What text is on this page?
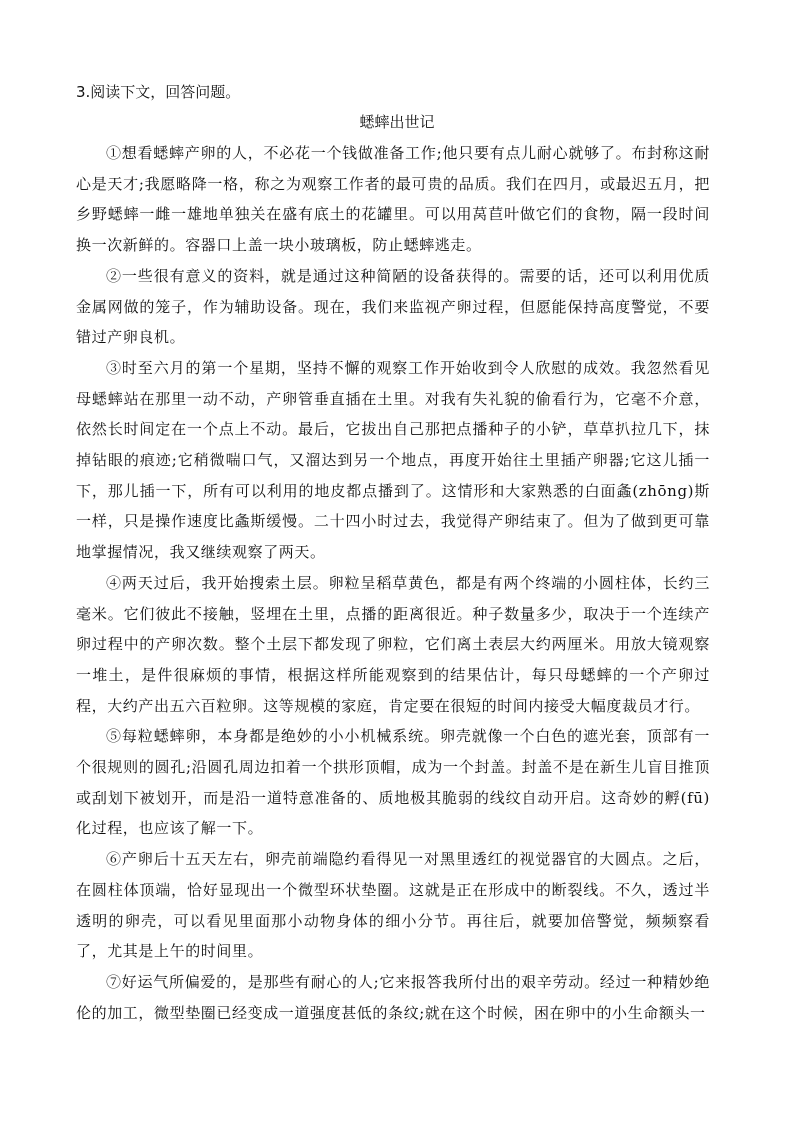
3.阅读下文，回答问题。
蟋蟀出世记

①想看蟋蟀产卵的人，不必花一个钱做准备工作;他只要有点儿耐心就够了。布封称这耐心是天才;我愿略降一格，称之为观察工作者的最可贵的品质。我们在四月，或最迟五月，把乡野蟋蟀一雌一雄地单独关在盛有底土的花罐里。可以用莴苣叶做它们的食物，隔一段时间换一次新鲜的。容器口上盖一块小玻璃板，防止蟋蟀逃走。

②一些很有意义的资料，就是通过这种简陋的设备获得的。需要的话，还可以利用优质金属网做的笼子，作为辅助设备。现在，我们来监视产卵过程，但愿能保持高度警觉，不要错过产卵良机。

③时至六月的第一个星期，坚持不懈的观察工作开始收到令人欣慰的成效。我忽然看见母蟋蟀站在那里一动不动，产卵管垂直插在土里。对我有失礼貌的偷看行为，它毫不介意，依然长时间定在一个点上不动。最后，它拔出自己那把点播种子的小铲，草草扒拉几下，抹掉钻眼的痕迹;它稍微喘口气，又溜达到另一个地点，再度开始往土里插产卵器;它这儿插一下，那儿插一下，所有可以利用的地皮都点播到了。这情形和大家熟悉的白面螽(zhōng)斯一样，只是操作速度比螽斯缓慢。二十四小时过去，我觉得产卵结束了。但为了做到更可靠地掌握情况，我又继续观察了两天。

④两天过后，我开始搜索土层。卵粒呈稻草黄色，都是有两个终端的小圆柱体，长约三毫米。它们彼此不接触，竖埋在土里，点播的距离很近。种子数量多少，取决于一个连续产卵过程中的产卵次数。整个土层下都发现了卵粒，它们离土表层大约两厘米。用放大镜观察一堆土，是件很麻烦的事情，根据这样所能观察到的结果估计，每只母蟋蟀的一个产卵过程，大约产出五六百粒卵。这等规模的家庭，肯定要在很短的时间内接受大幅度裁员才行。

⑤每粒蟋蟀卵，本身都是绝妙的小小机械系统。卵壳就像一个白色的遮光套，顶部有一个很规则的圆孔;沿圆孔周边扣着一个拱形顶帽，成为一个封盖。封盖不是在新生儿盲目推顶或刮划下被划开，而是沿一道特意准备的、质地极其脆弱的线纹自动开启。这奇妙的孵(fū)化过程，也应该了解一下。

⑥产卵后十五天左右，卵壳前端隐约看得见一对黑里透红的视觉器官的大圆点。之后，在圆柱体顶端，恰好显现出一个微型环状垫圈。这就是正在形成中的断裂线。不久，透过半透明的卵壳，可以看见里面那小动物身体的细小分节。再往后，就要加倍警觉，频频察看了，尤其是上午的时间里。

⑦好运气所偏爱的，是那些有耐心的人;它来报答我所付出的艰辛劳动。经过一种精妙绝伦的加工，微型垫圈已经变成一道强度甚低的条纹;就在这个时候，困在卵中的小生命额头一
